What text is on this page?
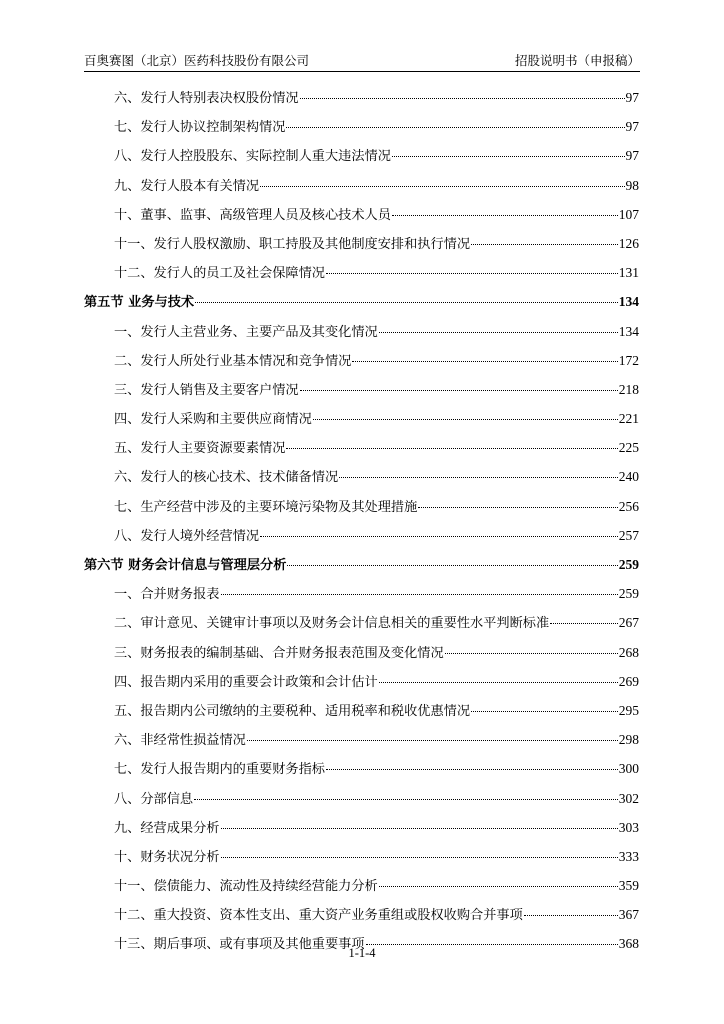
百奥赛图（北京）医药科技股份有限公司	招股说明书（申报稿）
六、发行人特别表决权股份情况	97
七、发行人协议控制架构情况	97
八、发行人控股股东、实际控制人重大违法情况	97
九、发行人股本有关情况	98
十、董事、监事、高级管理人员及核心技术人员	107
十一、发行人股权激励、职工持股及其他制度安排和执行情况	126
十二、发行人的员工及社会保障情况	131
第五节 业务与技术	134
一、发行人主营业务、主要产品及其变化情况	134
二、发行人所处行业基本情况和竞争情况	172
三、发行人销售及主要客户情况	218
四、发行人采购和主要供应商情况	221
五、发行人主要资源要素情况	225
六、发行人的核心技术、技术储备情况	240
七、生产经营中涉及的主要环境污染物及其处理措施	256
八、发行人境外经营情况	257
第六节 财务会计信息与管理层分析	259
一、合并财务报表	259
二、审计意见、关键审计事项以及财务会计信息相关的重要性水平判断标准	267
三、财务报表的编制基础、合并财务报表范围及变化情况	268
四、报告期内采用的重要会计政策和会计估计	269
五、报告期内公司缴纳的主要税种、适用税率和税收优惠情况	295
六、非经常性损益情况	298
七、发行人报告期内的重要财务指标	300
八、分部信息	302
九、经营成果分析	303
十、财务状况分析	333
十一、偿债能力、流动性及持续经营能力分析	359
十二、重大投资、资本性支出、重大资产业务重组或股权收购合并事项	367
十三、期后事项、或有事项及其他重要事项	368
1-1-4
